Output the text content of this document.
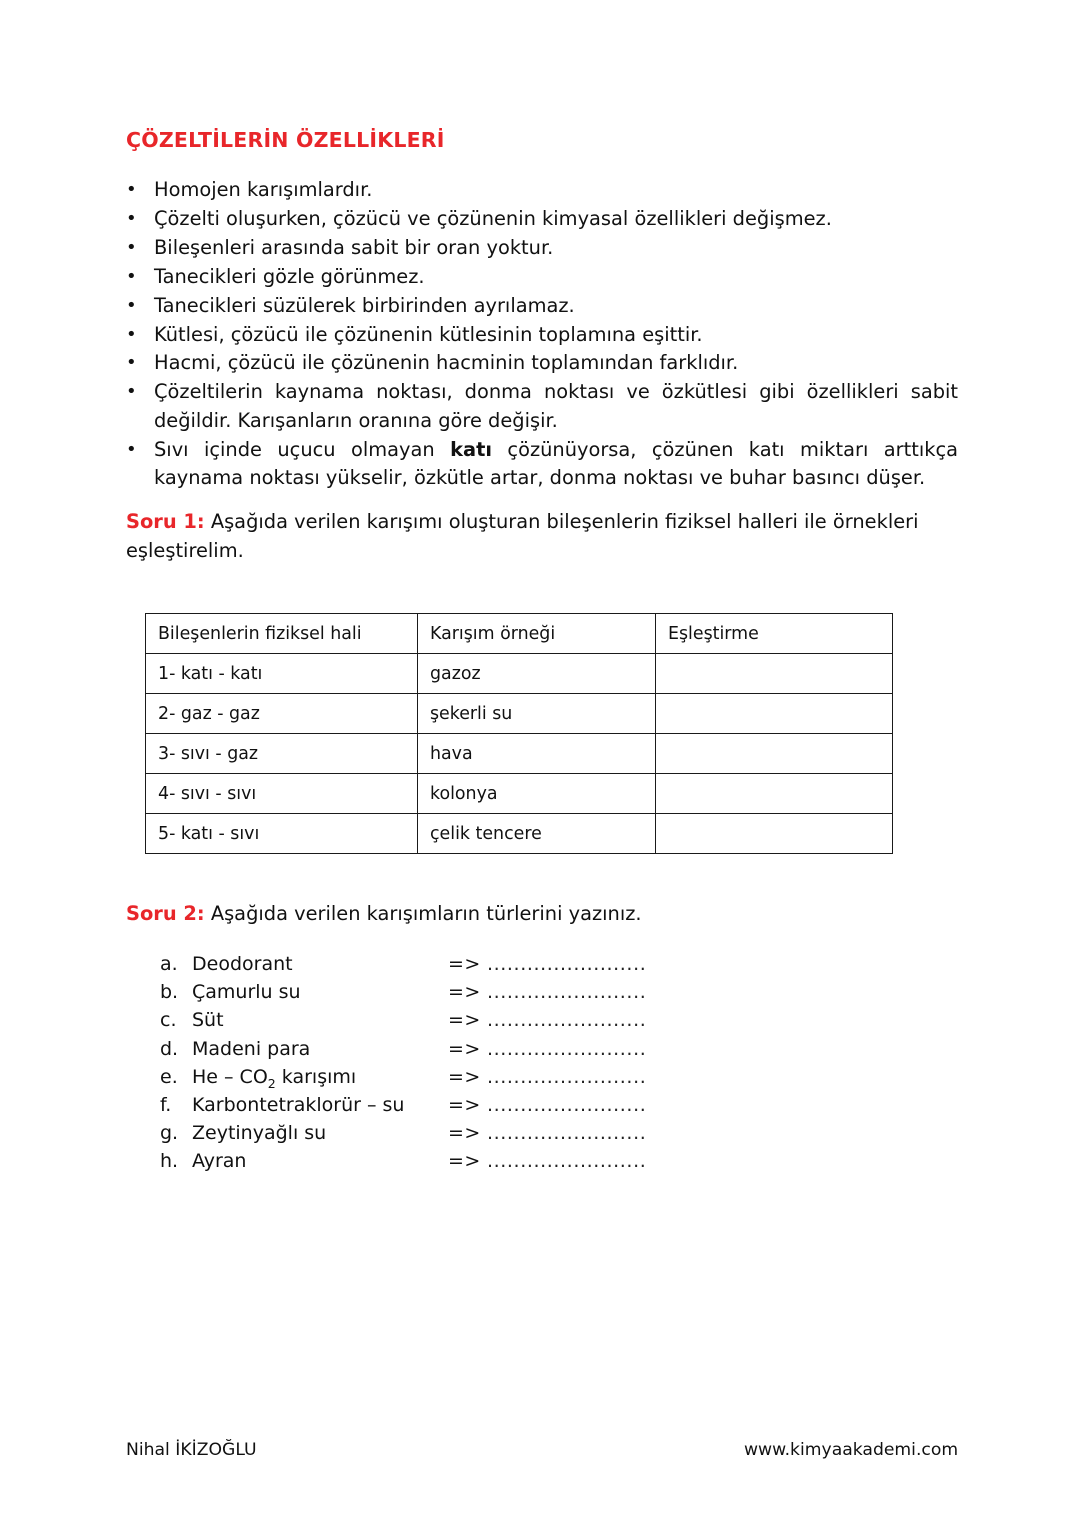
ÇÖZELTİLERİN ÖZELLİKLERİ
• Homojen karışımlardır.
• Çözelti oluşurken, çözücü ve çözünenin kimyasal özellikleri değişmez.
• Bileşenleri arasında sabit bir oran yoktur.
• Tanecikleri gözle görünmez.
• Tanecikleri süzülerek birbirinden ayrılamaz.
• Kütlesi, çözücü ile çözünenin kütlesinin toplamına eşittir.
• Hacmi, çözücü ile çözünenin hacminin toplamından farklıdır.
• Çözeltilerin kaynama noktası, donma noktası ve özkütlesi gibi özellikleri sabit değildir. Karışanların oranına göre değişir.
• Sıvı içinde uçucu olmayan katı çözünüyorsa, çözünen katı miktarı arttıkça kaynama noktası yükselir, özkütle artar, donma noktası ve buhar basıncı düşer.
Soru 1: Aşağıda verilen karışımı oluşturan bileşenlerin fiziksel halleri ile örnekleri eşleştirelim.
Bileşenlerin fiziksel hali	Karışım örneği	Eşleştirme
1- katı - katı	gazoz	
2- gaz - gaz	şekerli su	
3- sıvı - gaz	hava	
4- sıvı - sıvı	kolonya	
5- katı - sıvı	çelik tencere	
Soru 2: Aşağıda verilen karışımların türlerini yazınız.
a. Deodorant	=> ........................
b. Çamurlu su	=> ........................
c. Süt	=> ........................
d. Madeni para	=> ........................
e. He – $CO_2$ karışımı	=> ........................
f.	Karbontetraklorür – su => ........................
g. Zeytinyağlı su	=> ........................
h. Ayran	=> ........................
Nihal İKİZOĞLU	www.kimyaakademi.com
